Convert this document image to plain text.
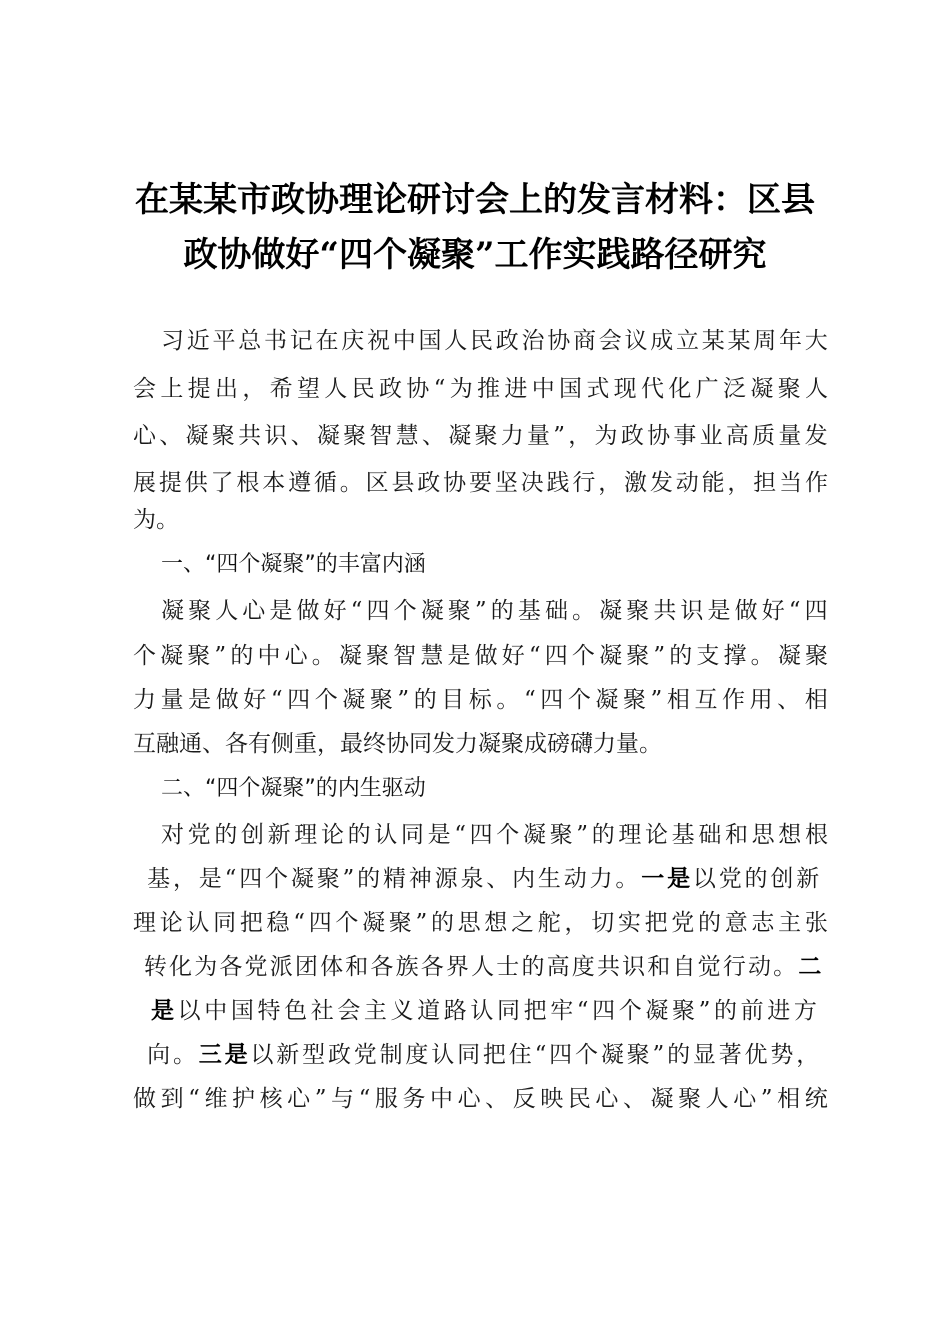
在某某市政协理论研讨会上的发言材料：区县
政协做好“四个凝聚”工作实践路径研究
习 近 平 总 书 记 在 庆 祝 中 国 人 民 政 治 协 商 会 议 成 立 某 某 周 年 大
会 上 提 出 ， 希 望 人 民 政 协 “ 为 推 进 中 国 式 现 代 化 广 泛 凝 聚 人
心 、 凝 聚 共 识 、 凝 聚 智 慧 、 凝 聚 力 量 ” ， 为 政 协 事 业 高 质 量 发
展 提 供 了 根 本 遵 循 。 区 县 政 协 要 坚 决 践 行 ， 激 发 动 能 ， 担 当 作
为。
一、“四个凝聚”的丰富内涵
凝 聚 人 心 是 做 好 “ 四 个 凝 聚 ” 的 基 础 。 凝 聚 共 识 是 做 好 “ 四
个 凝 聚 ” 的 中 心 。 凝 聚 智 慧 是 做 好 “ 四 个 凝 聚 ” 的 支 撑 。 凝 聚
力 量 是 做 好 “ 四 个 凝 聚 ” 的 目 标 。 “ 四 个 凝 聚 ” 相 互 作 用 、 相
互融通、各有侧重，最终协同发力凝聚成磅礴力量。
二、“四个凝聚”的内生驱动
对 党 的 创 新 理 论 的 认 同 是 “ 四 个 凝 聚 ” 的 理 论 基 础 和 思 想 根
基 ， 是 “ 四 个 凝 聚 ” 的 精 神 源 泉 、 内 生 动 力 。 一 是 以 党 的 创 新
理 论 认 同 把 稳 “ 四 个 凝 聚 ” 的 思 想 之 舵 ， 切 实 把 党 的 意 志 主 张
转 化 为 各 党 派 团 体 和 各 族 各 界 人 士 的 高 度 共 识 和 自 觉 行 动 。 二
是 以 中 国 特 色 社 会 主 义 道 路 认 同 把 牢 “ 四 个 凝 聚 ” 的 前 进 方
向 。 三 是 以 新 型 政 党 制 度 认 同 把 住 “ 四 个 凝 聚 ” 的 显 著 优 势 ，
做 到 “ 维 护 核 心 ” 与 “ 服 务 中 心 、 反 映 民 心 、 凝 聚 人 心 ” 相 统
